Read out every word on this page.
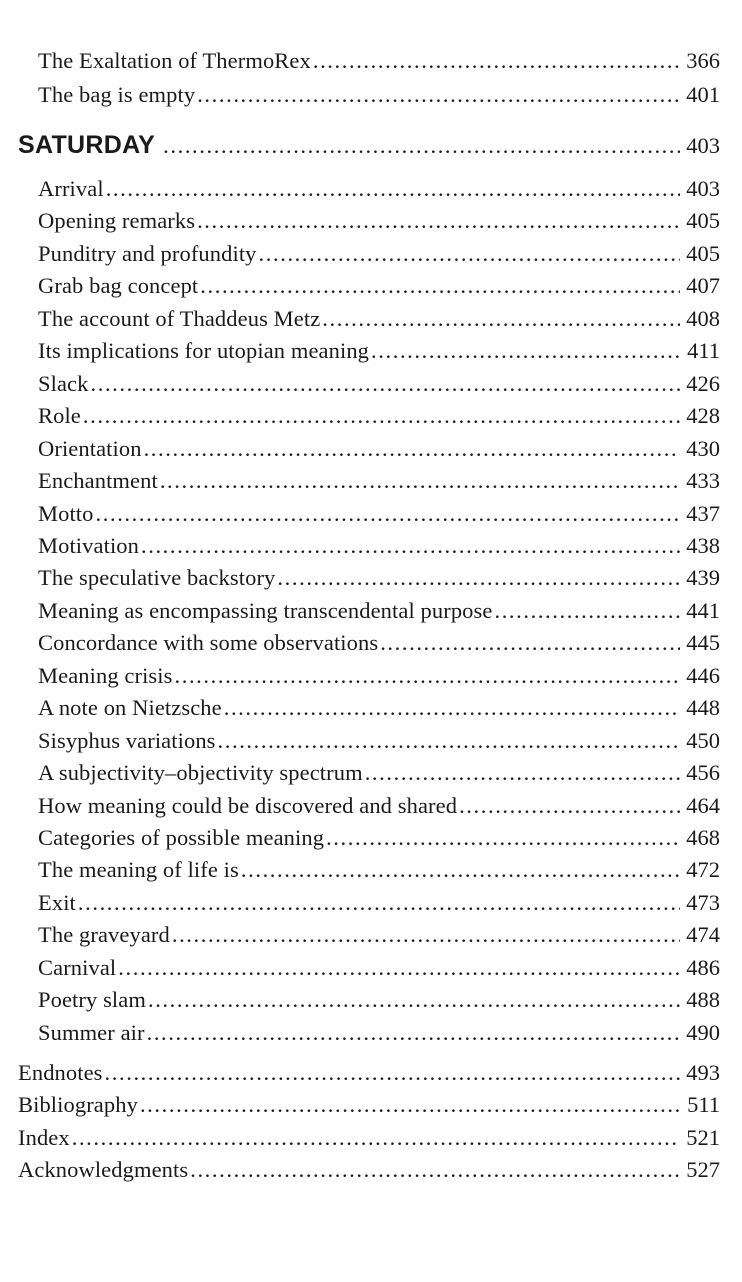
The Exaltation of ThermoRex .....	366
The bag is empty .....	401
SATURDAY .....	403
Arrival .....	403
Opening remarks .....	405
Punditry and profundity .....	405
Grab bag concept .....	407
The account of Thaddeus Metz .....	408
Its implications for utopian meaning .....	411
Slack .....	426
Role .....	428
Orientation .....	430
Enchantment .....	433
Motto .....	437
Motivation .....	438
The speculative backstory .....	439
Meaning as encompassing transcendental purpose .....	441
Concordance with some observations .....	445
Meaning crisis .....	446
A note on Nietzsche .....	448
Sisyphus variations .....	450
A subjectivity–objectivity spectrum .....	456
How meaning could be discovered and shared .....	464
Categories of possible meaning .....	468
The meaning of life is .....	472
Exit .....	473
The graveyard .....	474
Carnival .....	486
Poetry slam .....	488
Summer air .....	490
Endnotes .....	493
Bibliography .....	511
Index .....	521
Acknowledgments .....	527
